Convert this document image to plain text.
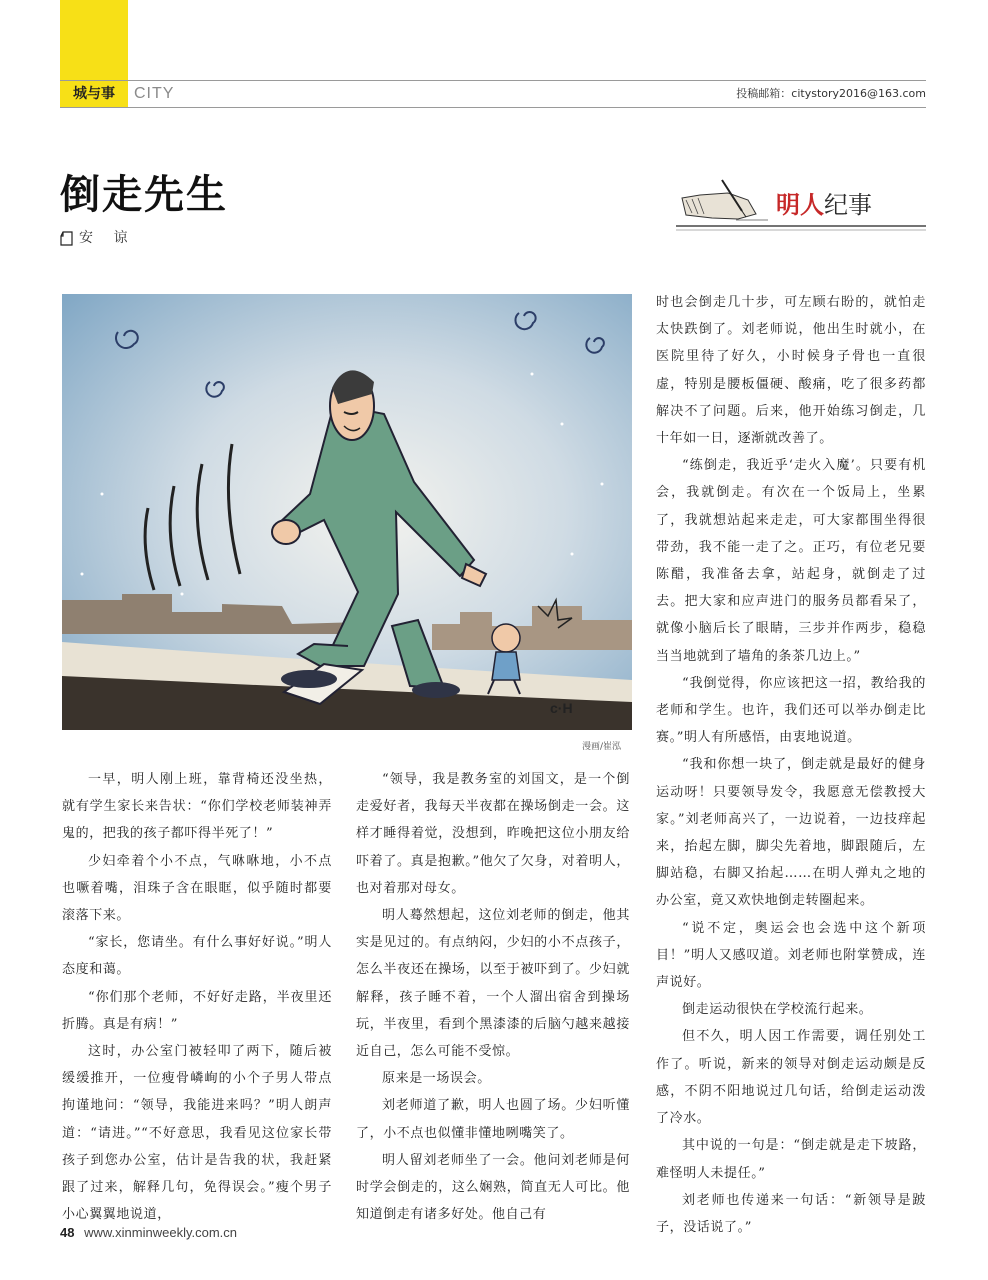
城与事	CITY	投稿邮箱：citystory2016@163.com
倒走先生
安 谅
明人纪事
c·H
漫画/崔泓

一早，明人刚上班，靠背椅还没坐热，就有学生家长来告状：“你们学校老师装神弄鬼的，把我的孩子都吓得半死了！”

少妇牵着个小不点，气咻咻地，小不点也噘着嘴，泪珠子含在眼眶，似乎随时都要滚落下来。

“家长，您请坐。有什么事好好说。”明人态度和蔼。

“你们那个老师，不好好走路，半夜里还折腾。真是有病！”

这时，办公室门被轻叩了两下，随后被缓缓推开，一位瘦骨嶙峋的小个子男人带点拘谨地问：“领导，我能进来吗？”明人朗声道：“请进。”“不好意思，我看见这位家长带孩子到您办公室，估计是告我的状，我赶紧跟了过来，解释几句，免得误会。”瘦个男子小心翼翼地说道，

“领导，我是教务室的刘国文，是一个倒走爱好者，我每天半夜都在操场倒走一会。这样才睡得着觉，没想到，昨晚把这位小朋友给吓着了。真是抱歉。”他欠了欠身，对着明人，也对着那对母女。

明人蓦然想起，这位刘老师的倒走，他其实是见过的。有点纳闷，少妇的小不点孩子，怎么半夜还在操场，以至于被吓到了。少妇就解释，孩子睡不着，一个人溜出宿舍到操场玩，半夜里，看到个黑漆漆的后脑勺越来越接近自己，怎么可能不受惊。

原来是一场误会。

刘老师道了歉，明人也圆了场。少妇听懂了，小不点也似懂非懂地咧嘴笑了。

明人留刘老师坐了一会。他问刘老师是何时学会倒走的，这么娴熟，简直无人可比。他知道倒走有诸多好处。他自己有

时也会倒走几十步，可左顾右盼的，就怕走太快跌倒了。刘老师说，他出生时就小，在医院里待了好久，小时候身子骨也一直很虚，特别是腰板僵硬、酸痛，吃了很多药都解决不了问题。后来，他开始练习倒走，几十年如一日，逐渐就改善了。

“练倒走，我近乎‘走火入魔’。只要有机会，我就倒走。有次在一个饭局上，坐累了，我就想站起来走走，可大家都围坐得很带劲，我不能一走了之。正巧，有位老兄要陈醋，我准备去拿，站起身，就倒走了过去。把大家和应声进门的服务员都看呆了，就像小脑后长了眼睛，三步并作两步，稳稳当当地就到了墙角的条茶几边上。”

“我倒觉得，你应该把这一招，教给我的老师和学生。也许，我们还可以举办倒走比赛。”明人有所感悟，由衷地说道。

“我和你想一块了，倒走就是最好的健身运动呀！只要领导发令，我愿意无偿教授大家。”刘老师高兴了，一边说着，一边技痒起来，抬起左脚，脚尖先着地，脚跟随后，左脚站稳，右脚又抬起……在明人弹丸之地的办公室，竟又欢快地倒走转圈起来。

“说不定，奥运会也会选中这个新项目！”明人又感叹道。刘老师也附掌赞成，连声说好。

倒走运动很快在学校流行起来。

但不久，明人因工作需要，调任别处工作了。听说，新来的领导对倒走运动颇是反感，不阴不阳地说过几句话，给倒走运动泼了冷水。

其中说的一句是：“倒走就是走下坡路，难怪明人未提任。”

刘老师也传递来一句话：“新领导是跛子，没话说了。”

48 www.xinminweekly.com.cn
